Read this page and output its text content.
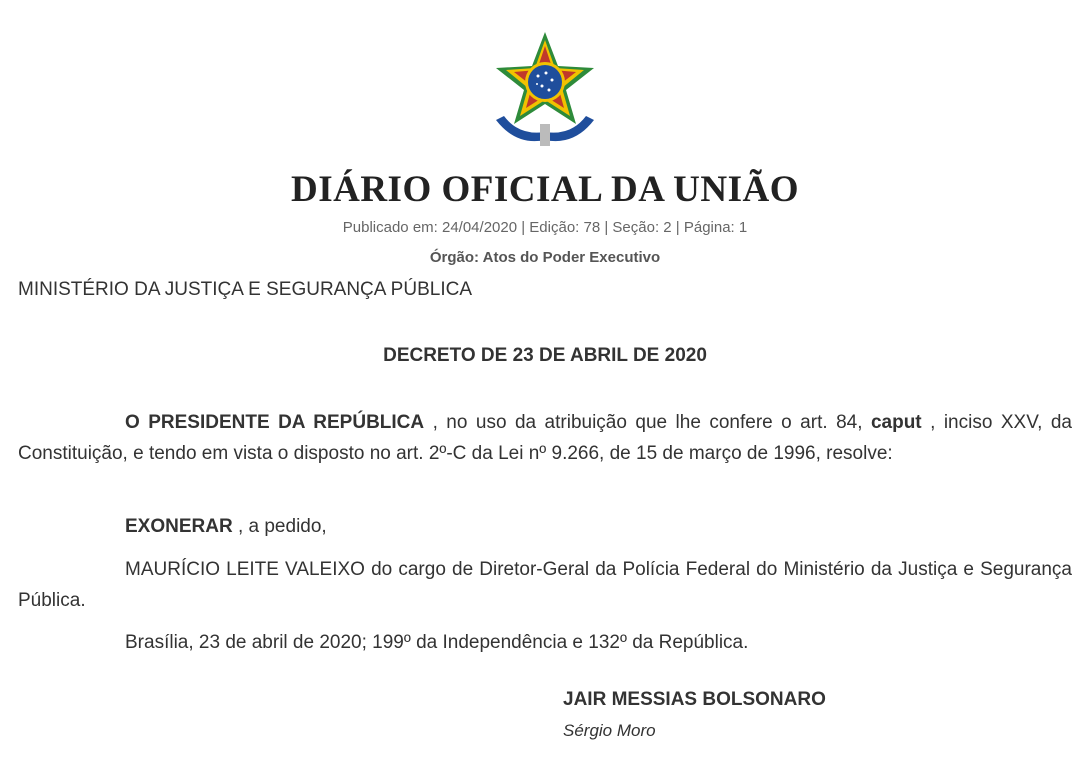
DIÁRIO OFICIAL DA UNIÃO
Publicado em: 24/04/2020 | Edição: 78 | Seção: 2 | Página: 1
Órgão: Atos do Poder Executivo
MINISTÉRIO DA JUSTIÇA E SEGURANÇA PÚBLICA
DECRETO DE 23 DE ABRIL DE 2020
O PRESIDENTE DA REPÚBLICA , no uso da atribuição que lhe confere o art. 84, caput , inciso XXV, da Constituição, e tendo em vista o disposto no art. 2º-C da Lei nº 9.266, de 15 de março de 1996, resolve:
EXONERAR , a pedido,
MAURÍCIO LEITE VALEIXO do cargo de Diretor-Geral da Polícia Federal do Ministério da Justiça e Segurança Pública.
Brasília, 23 de abril de 2020; 199º da Independência e 132º da República.
JAIR MESSIAS BOLSONARO
Sérgio Moro
